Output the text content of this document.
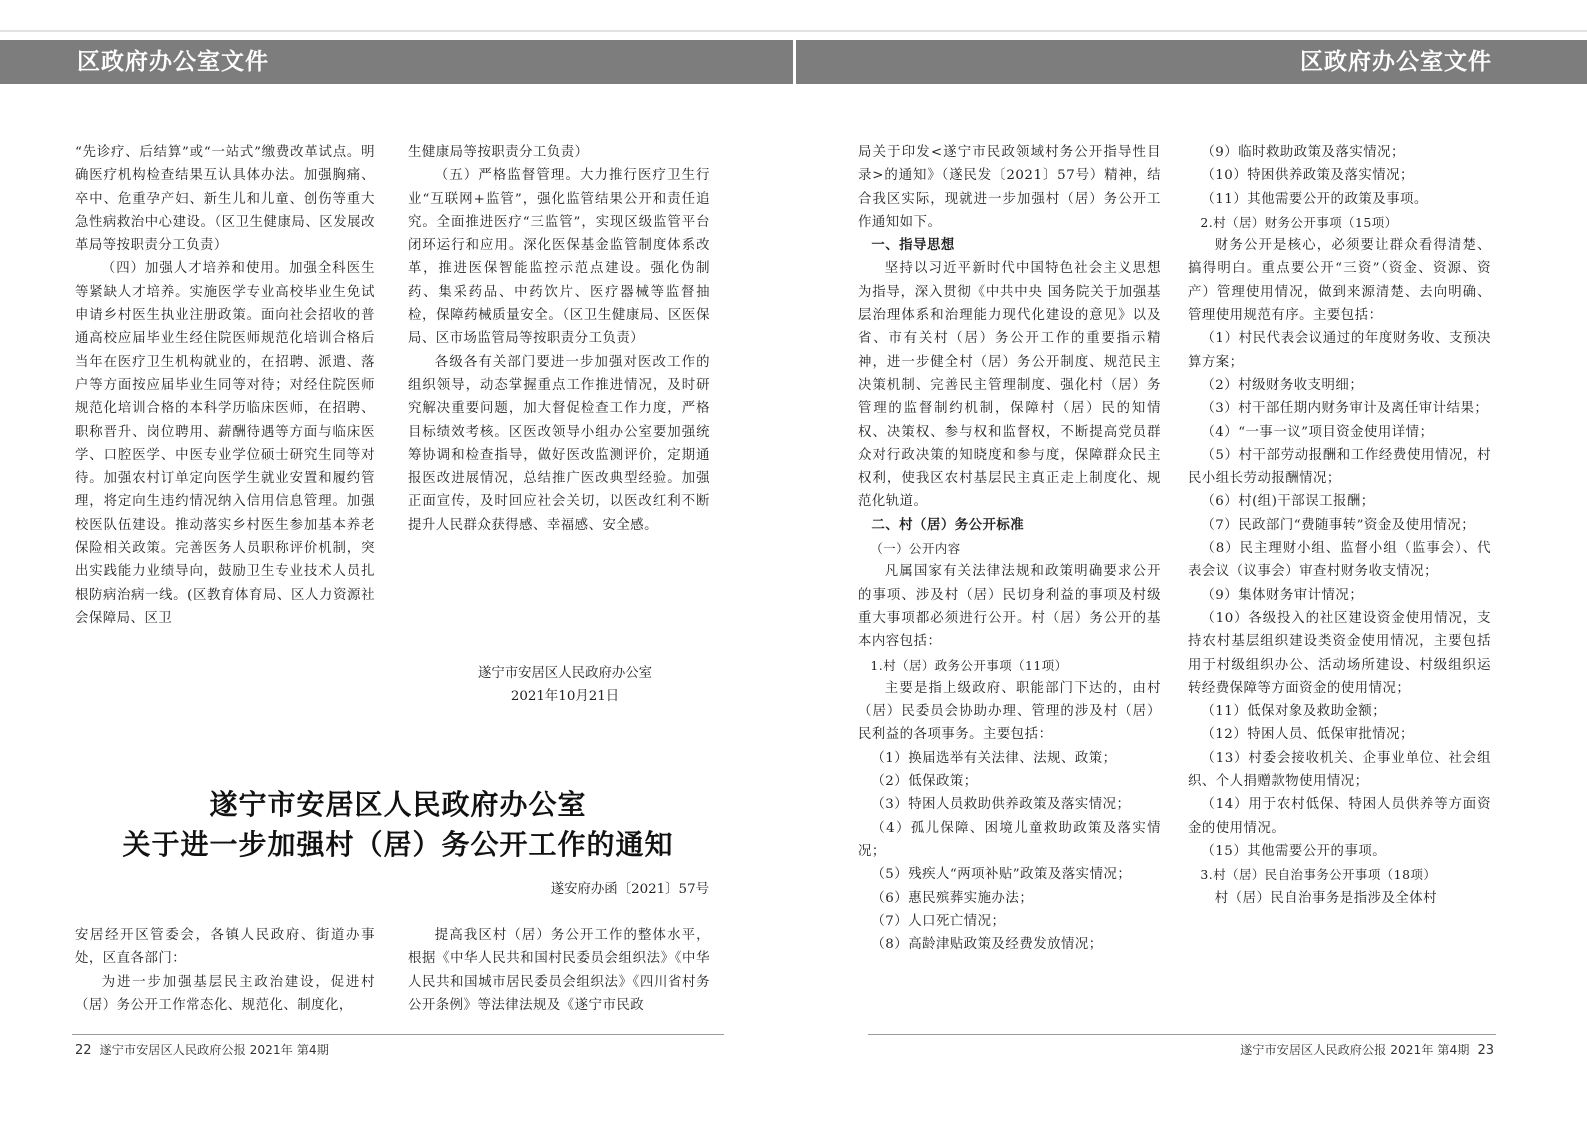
区政府办公室文件	区政府办公室文件

“先诊疗、后结算”或“一站式”缴费改革试点。明确医疗机构检查结果互认具体办法。加强胸痛、卒中、危重孕产妇、新生儿和儿童、创伤等重大急性病救治中心建设。（区卫生健康局、区发展改革局等按职责分工负责）

（四）加强人才培养和使用。加强全科医生等紧缺人才培养。实施医学专业高校毕业生免试申请乡村医生执业注册政策。面向社会招收的普通高校应届毕业生经住院医师规范化培训合格后当年在医疗卫生机构就业的，在招聘、派遣、落户等方面按应届毕业生同等对待；对经住院医师规范化培训合格的本科学历临床医师，在招聘、职称晋升、岗位聘用、薪酬待遇等方面与临床医学、口腔医学、中医专业学位硕士研究生同等对待。加强农村订单定向医学生就业安置和履约管理，将定向生违约情况纳入信用信息管理。加强校医队伍建设。推动落实乡村医生参加基本养老保险相关政策。完善医务人员职称评价机制，突出实践能力业绩导向，鼓励卫生专业技术人员扎根防病治病一线。(区教育体育局、区人力资源社会保障局、区卫

生健康局等按职责分工负责）

（五）严格监督管理。大力推行医疗卫生行业“互联网+监管”，强化监管结果公开和责任追究。全面推进医疗“三监管”，实现区级监管平台闭环运行和应用。深化医保基金监管制度体系改革，推进医保智能监控示范点建设。强化伪制药、集采药品、中药饮片、医疗器械等监督抽检，保障药械质量安全。（区卫生健康局、区医保局、区市场监管局等按职责分工负责）

各级各有关部门要进一步加强对医改工作的组织领导，动态掌握重点工作推进情况，及时研究解决重要问题，加大督促检查工作力度，严格目标绩效考核。区医改领导小组办公室要加强统筹协调和检查指导，做好医改监测评价，定期通报医改进展情况，总结推广医改典型经验。加强正面宣传，及时回应社会关切，以医改红利不断提升人民群众获得感、幸福感、安全感。

遂宁市安居区人民政府办公室
2021年10月21日
遂宁市安居区人民政府办公室
关于进一步加强村（居）务公开工作的通知
遂安府办函〔2021〕57号

安居经开区管委会，各镇人民政府、街道办事处，区直各部门：

为进一步加强基层民主政治建设，促进村（居）务公开工作常态化、规范化、制度化，

提高我区村（居）务公开工作的整体水平，根据《中华人民共和国村民委员会组织法》《中华人民共和国城市居民委员会组织法》《四川省村务公开条例》等法律法规及《遂宁市民政

局关于印发<遂宁市民政领域村务公开指导性目录>的通知》（遂民发〔2021〕57号）精神，结合我区实际，现就进一步加强村（居）务公开工作通知如下。

一、指导思想

坚持以习近平新时代中国特色社会主义思想为指导，深入贯彻《中共中央 国务院关于加强基层治理体系和治理能力现代化建设的意见》以及省、市有关村（居）务公开工作的重要指示精神，进一步健全村（居）务公开制度、规范民主决策机制、完善民主管理制度、强化村（居）务管理的监督制约机制，保障村（居）民的知情权、决策权、参与权和监督权，不断提高党员群众对行政决策的知晓度和参与度，保障群众民主权利，使我区农村基层民主真正走上制度化、规范化轨道。

二、村（居）务公开标准

（一）公开内容

凡属国家有关法律法规和政策明确要求公开的事项、涉及村（居）民切身利益的事项及村级重大事项都必须进行公开。村（居）务公开的基本内容包括：

1.村（居）政务公开事项（11项）

主要是指上级政府、职能部门下达的，由村（居）民委员会协助办理、管理的涉及村（居）民利益的各项事务。主要包括：

（1）换届选举有关法律、法规、政策；

（2）低保政策；

（3）特困人员救助供养政策及落实情况；

（4）孤儿保障、困境儿童救助政策及落实情况；

（5）残疾人“两项补贴”政策及落实情况；

（6）惠民殡葬实施办法；

（7）人口死亡情况；

（8）高龄津贴政策及经费发放情况；

（9）临时救助政策及落实情况；

（10）特困供养政策及落实情况；

（11）其他需要公开的政策及事项。

2.村（居）财务公开事项（15项）

财务公开是核心，必须要让群众看得清楚、搞得明白。重点要公开“三资”（资金、资源、资产）管理使用情况，做到来源清楚、去向明确、管理使用规范有序。主要包括：

（1）村民代表会议通过的年度财务收、支预决算方案；

（2）村级财务收支明细；

（3）村干部任期内财务审计及离任审计结果；

（4）“一事一议”项目资金使用详情；

（5）村干部劳动报酬和工作经费使用情况，村民小组长劳动报酬情况；

（6）村(组)干部误工报酬；

（7）民政部门“费随事转”资金及使用情况；

（8）民主理财小组、监督小组（监事会）、代表会议（议事会）审查村财务收支情况；

（9）集体财务审计情况；

（10）各级投入的社区建设资金使用情况，支持农村基层组织建设类资金使用情况，主要包括用于村级组织办公、活动场所建设、村级组织运转经费保障等方面资金的使用情况；

（11）低保对象及救助金额；

（12）特困人员、低保审批情况；

（13）村委会接收机关、企事业单位、社会组织、个人捐赠款物使用情况；

（14）用于农村低保、特困人员供养等方面资金的使用情况。

（15）其他需要公开的事项。

3.村（居）民自治事务公开事项（18项）

村（居）民自治事务是指涉及全体村

22 遂宁市安居区人民政府公报 2021年 第4期	遂宁市安居区人民政府公报 2021年 第4期 23
